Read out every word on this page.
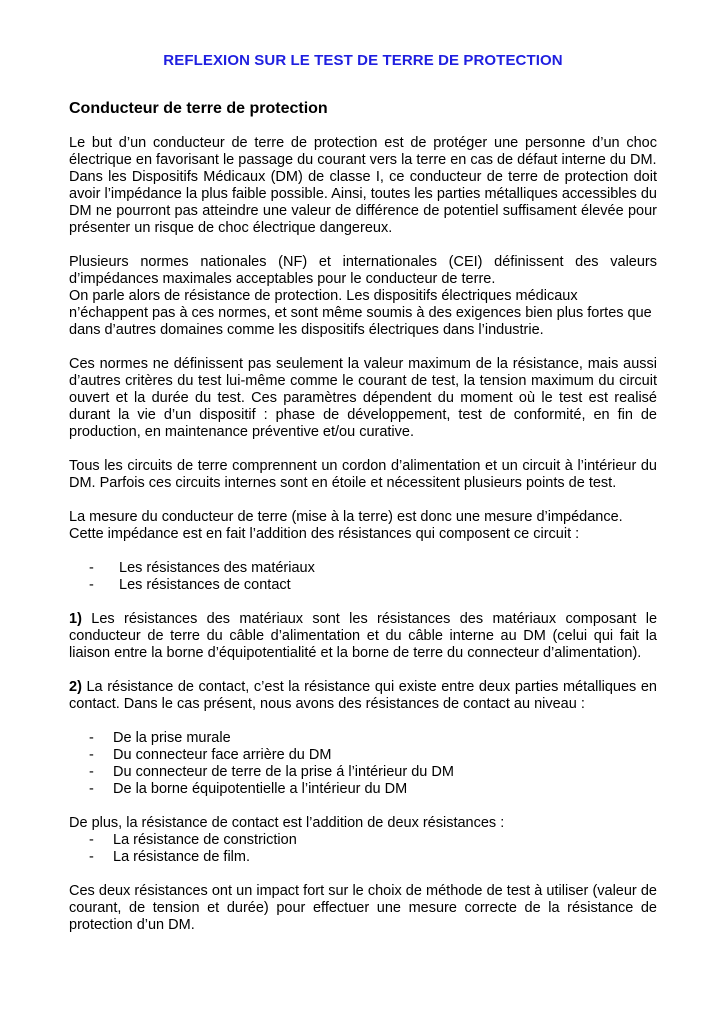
REFLEXION SUR LE TEST DE TERRE DE PROTECTION
Conducteur de terre de protection

Le but d’un conducteur de terre de protection est de protéger une personne d’un choc électrique en favorisant le passage du courant vers la terre en cas de défaut interne du DM.

Dans les Dispositifs Médicaux (DM) de classe I, ce conducteur de terre de protection doit avoir l’impédance la plus faible possible. Ainsi, toutes les parties métalliques accessibles du DM ne pourront pas atteindre une valeur de différence de potentiel suffisament élevée pour présenter un risque de choc électrique dangereux.

Plusieurs normes nationales (NF) et internationales (CEI) définissent des valeurs d’impédances maximales acceptables pour le conducteur de terre.

On parle alors de résistance de protection. Les dispositifs électriques médicaux n’échappent pas à ces normes, et sont même soumis à des exigences bien plus fortes que dans d’autres domaines comme les dispositifs électriques dans l’industrie.

Ces normes ne définissent pas seulement la valeur maximum de la résistance, mais aussi d’autres critères du test lui-même comme le courant de test, la tension maximum du circuit ouvert et la durée du test. Ces paramètres dépendent du moment où le test est realisé durant la vie d’un dispositif : phase de développement, test de conformité, en fin de production, en maintenance préventive et/ou curative.

Tous les circuits de terre comprennent un cordon d’alimentation et un circuit à l’intérieur du DM. Parfois ces circuits internes sont en étoile et nécessitent plusieurs points de test.

La mesure du conducteur de terre (mise à la terre) est donc une mesure d’impédance.

Cette impédance est en fait l’addition des résistances qui composent ce circuit :

-	Les résistances des matériaux
-	Les résistances de contact

1) Les résistances des matériaux sont les résistances des matériaux composant le conducteur de terre du câble d’alimentation et du câble interne au DM (celui qui fait la liaison entre la borne d’équipotentialité et la borne de terre du connecteur d’alimentation).

2) La résistance de contact, c’est la résistance qui existe entre deux parties métalliques en contact. Dans le cas présent, nous avons des résistances de contact au niveau :

-	De la prise murale
-	Du connecteur face arrière du DM
-	Du connecteur de terre de la prise á l’intérieur du DM
-	De la borne équipotentielle a l’intérieur du DM

De plus, la résistance de contact est l’addition de deux résistances :

-	La résistance de constriction
-	La résistance de film.

Ces deux résistances ont un impact fort sur le choix de méthode de test à utiliser (valeur de courant, de tension et durée) pour effectuer une mesure correcte de la résistance de protection d’un DM.
